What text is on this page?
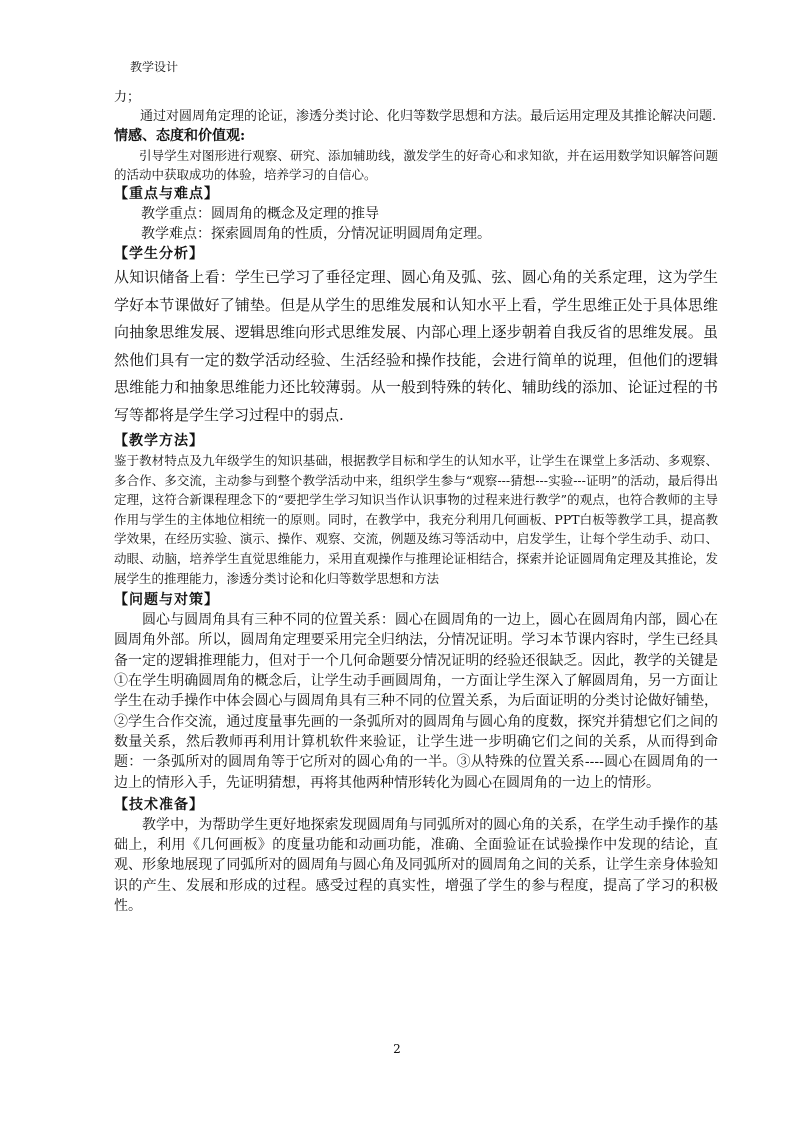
教学设计

力；

通过对圆周角定理的论证，渗透分类讨论、化归等数学思想和方法。最后运用定理及其推论解决问题.

情感、态度和价值观:

引导学生对图形进行观察、研究、添加辅助线，激发学生的好奇心和求知欲，并在运用数学知识解答问题的活动中获取成功的体验，培养学习的自信心。

【重点与难点】

教学重点：圆周角的概念及定理的推导

教学难点：探索圆周角的性质，分情况证明圆周角定理。

【学生分析】

从知识储备上看：学生已学习了垂径定理、圆心角及弧、弦、圆心角的关系定理，这为学生学好本节课做好了铺垫。但是从学生的思维发展和认知水平上看，学生思维正处于具体思维向抽象思维发展、逻辑思维向形式思维发展、内部心理上逐步朝着自我反省的思维发展。虽然他们具有一定的数学活动经验、生活经验和操作技能，会进行简单的说理，但他们的逻辑思维能力和抽象思维能力还比较薄弱。从一般到特殊的转化、辅助线的添加、论证过程的书写等都将是学生学习过程中的弱点.

【教学方法】

鉴于教材特点及九年级学生的知识基础，根据教学目标和学生的认知水平，让学生在课堂上多活动、多观察、多合作、多交流，主动参与到整个教学活动中来，组织学生参与“观察---猜想---实验---证明”的活动，最后得出定理，这符合新课程理念下的“要把学生学习知识当作认识事物的过程来进行教学”的观点，也符合教师的主导作用与学生的主体地位相统一的原则。同时，在教学中，我充分利用几何画板、PPT白板等教学工具，提高教学效果，在经历实验、演示、操作、观察、交流，例题及练习等活动中，启发学生，让每个学生动手、动口、动眼、动脑，培养学生直觉思维能力，采用直观操作与推理论证相结合，探索并论证圆周角定理及其推论，发展学生的推理能力，渗透分类讨论和化归等数学思想和方法

【问题与对策】

圆心与圆周角具有三种不同的位置关系：圆心在圆周角的一边上，圆心在圆周角内部，圆心在圆周角外部。所以，圆周角定理要采用完全归纳法，分情况证明。学习本节课内容时，学生已经具备一定的逻辑推理能力，但对于一个几何命题要分情况证明的经验还很缺乏。因此，教学的关键是①在学生明确圆周角的概念后，让学生动手画圆周角，一方面让学生深入了解圆周角，另一方面让学生在动手操作中体会圆心与圆周角具有三种不同的位置关系，为后面证明的分类讨论做好铺垫，②学生合作交流，通过度量事先画的一条弧所对的圆周角与圆心角的度数，探究并猜想它们之间的数量关系，然后教师再利用计算机软件来验证，让学生进一步明确它们之间的关系，从而得到命题：一条弧所对的圆周角等于它所对的圆心角的一半。③从特殊的位置关系----圆心在圆周角的一边上的情形入手，先证明猜想，再将其他两种情形转化为圆心在圆周角的一边上的情形。

【技术准备】

教学中，为帮助学生更好地探索发现圆周角与同弧所对的圆心角的关系，在学生动手操作的基础上，利用《几何画板》的度量功能和动画功能，准确、全面验证在试验操作中发现的结论，直观、形象地展现了同弧所对的圆周角与圆心角及同弧所对的圆周角之间的关系，让学生亲身体验知识的产生、发展和形成的过程。感受过程的真实性，增强了学生的参与程度，提高了学习的积极性。

2
